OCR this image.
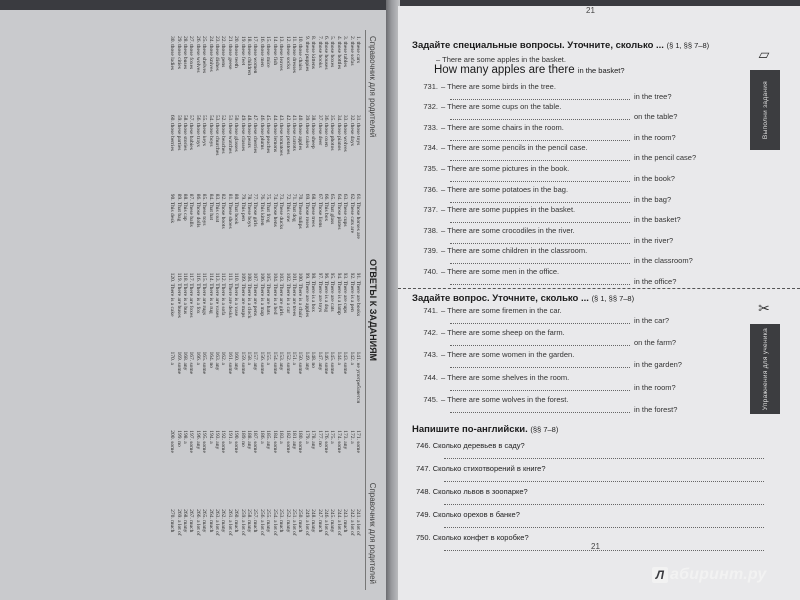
Справочник для родителей
ОТВЕТЫ К ЗАДАНИЯМ
Справочник для родителей
1. these cars
2. these sofas
3. these tables
4. those bottles
5. those boxes
6. those houses
7. those books
8. these kittens
9. these puppies
10. those chairs
11. those dresses
12. these socks
13. these leaves
14. these fish
15. these mice
16. those men
17. those women
18. these children
19. these feet
20. those teeth
21. those geese
22. those pens
23. these dishes
24. those knives
25. these shelves
26. these wolves
27. those foxes
28. these buses
29. those cities
30. those ladies
31. those toys
32. these days
33. those wolves
34. those pianos
35. these photos
36. those oxen
37. these deer
38. those sheep
39. these cakes
40. those apples
41. these carrots
42. those potatoes
43. these tomatoes
44. those lemons
45. these peaches
46. those plums
47. these cherries
48. those pears
49. these classes
50. those glasses
51. these watches
52. those beaches
53. these churches
54. those boys
55. these keys
56. those trays
57. these babies
58. those stories
59. these parties
60. those berries
61. Those horses are
62. These cats are
63. These cups
64. Those plates
65. That glass
66. This box
67. Those lions
68. These trees
69. Those roses
70. These tulips
71. That dog
72. This cow
73. These ducks
74. Those hens
75. That frog
76. This kitten
77. Those girls
78. These boys
79. This pen
80. That book
81. These shoes
82. Those boots
83. This coat
84. That hat
85. These toys
86. Those dolls
87. These balls
88. This cap
89. That bag
90. This desk
91. There are books
92. There is a pen
93. There are cups
94. There is a lamp
95. There are cats
96. There is a dog
97. There are toys
98. There is a box
99. There are apples
100. There is a chair
101. There are trees
102. There is a car
103. There are girls
104. There is a bed
105. There are hats
106. There is a map
107. There are pens
108. There is a clock
109. There are maps
110. There is a vase
111. There are desks
112. There is a sofa
113. There are vases
114. There is a rug
115. There are rugs
116. There is a fox
117. There are foxes
118. There is a bus
119. There are buses
120. There is a cake
141. не употребляется
142. a
143. some
144. a
145. some
146. some
147. any
148. no
149. any
150. some
151. a
152. some
153. any
154. some
155. a
156. some
157. any
158. a
159. some
160. any
161. some
162. a
163. any
164. no
165. some
166. a
167. some
168. any
169. some
170. a
171. some
172. a
173. any
174. some
175. a
176. some
177. no
178. any
179. a
180. some
181. any
182. some
183. a
184. some
185. any
186. a
187. some
188. any
189. no
190. some
191. a
192. some
193. any
194. a
195. some
196. any
197. some
198. a
199. no
200. some
241. a lot of
242. a lot of
243. much
244. a lot of
245. many
246. a lot of
247. much
248. many
249. a lot of
250. much
251. a lot of
252. many
253. much
254. a lot of
255. many
256. a lot of
257. much
258. many
259. a lot of
260. much
261. a lot of
262. many
263. a lot of
264. much
265. many
266. a lot of
267. much
268. many
269. a lot of
270. much
21
Задайте специальные вопросы. Уточните, сколько ... (§ 1, §§ 7–8)
– There are some apples in the basket.
How many apples are there in the basket?
731. – There are some birds in the tree.
in the tree?
732. – There are some cups on the table.
on the table?
733. – There are some chairs in the room.
in the room?
734. – There are some pencils in the pencil case.
in the pencil case?
735. – There are some pictures in the book.
in the book?
736. – There are some potatoes in the bag.
in the bag?
737. – There are some puppies in the basket.
in the basket?
738. – There are some crocodiles in the river.
in the river?
739. – There are some children in the classroom.
in the classroom?
740. – There are some men in the office.
in the office?
Задайте вопрос. Уточните, сколько ... (§ 1, §§ 7–8)
741. – There are some firemen in the car.
in the car?
742. – There are some sheep on the farm.
on the farm?
743. – There are some women in the garden.
in the garden?
744. – There are some shelves in the room.
in the room?
745. – There are some wolves in the forest.
in the forest?
Напишите по-английски. (§§ 7–8)
746. Сколько деревьев в саду?
747. Сколько стихотворений в книге?
748. Сколько львов в зоопарке?
749. Сколько орехов в банке?
750. Сколько конфет в коробке?
▱
Выполни задания
✂
Упражнения для ученика
21
Л абиринт.ру
